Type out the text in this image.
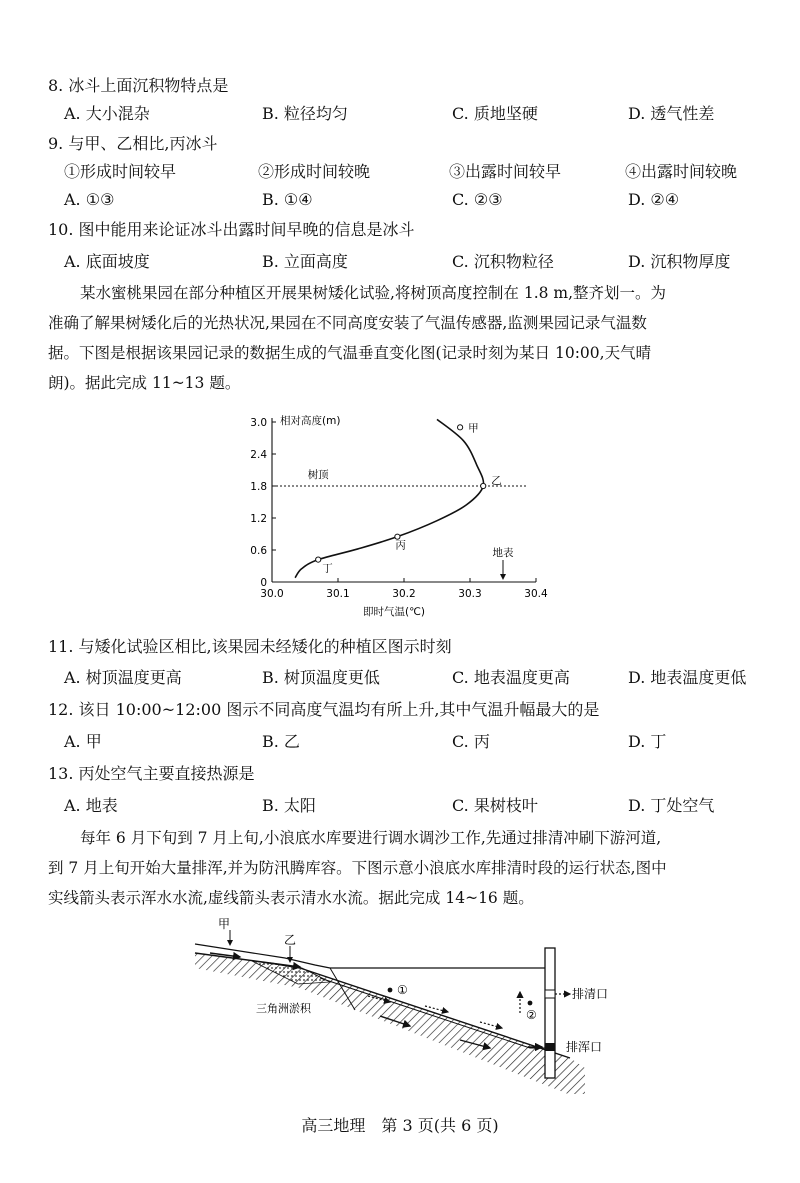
8. 冰斗上面沉积物特点是
A. 大小混杂	B. 粒径均匀	C. 质地坚硬	D. 透气性差
9. 与甲、乙相比,丙冰斗
①形成时间较早	②形成时间较晚	③出露时间较早	④出露时间较晚
A. ①③	B. ①④	C. ②③	D. ②④
10. 图中能用来论证冰斗出露时间早晚的信息是冰斗
A. 底面坡度	B. 立面高度	C. 沉积物粒径	D. 沉积物厚度
某水蜜桃果园在部分种植区开展果树矮化试验,将树顶高度控制在 1.8 m,整齐划一。为
准确了解果树矮化后的光热状况,果园在不同高度安装了气温传感器,监测果园记录气温数
据。下图是根据该果园记录的数据生成的气温垂直变化图(记录时刻为某日 10:00,天气晴
朗)。据此完成 11~13 题。
0
0.6
1.2
1.8
2.4
3.0
30.0	30.1	30.2	30.3	30.4
相对高度(m)
即时气温(℃)
树顶
地表
甲
乙
丙
丁
11. 与矮化试验区相比,该果园未经矮化的种植区图示时刻
A. 树顶温度更高	B. 树顶温度更低	C. 地表温度更高	D. 地表温度更低
12. 该日 10:00~12:00 图示不同高度气温均有所上升,其中气温升幅最大的是
A. 甲	B. 乙	C. 丙	D. 丁
13. 丙处空气主要直接热源是
A. 地表	B. 太阳	C. 果树枝叶	D. 丁处空气
每年 6 月下旬到 7 月上旬,小浪底水库要进行调水调沙工作,先通过排清冲刷下游河道,
到 7 月上旬开始大量排浑,并为防汛腾库容。下图示意小浪底水库排清时段的运行状态,图中
实线箭头表示浑水水流,虚线箭头表示清水水流。据此完成 14~16 题。
甲
乙
三角洲淤积
①
②
排清口
排浑口
高三地理　第 3 页(共 6 页)
